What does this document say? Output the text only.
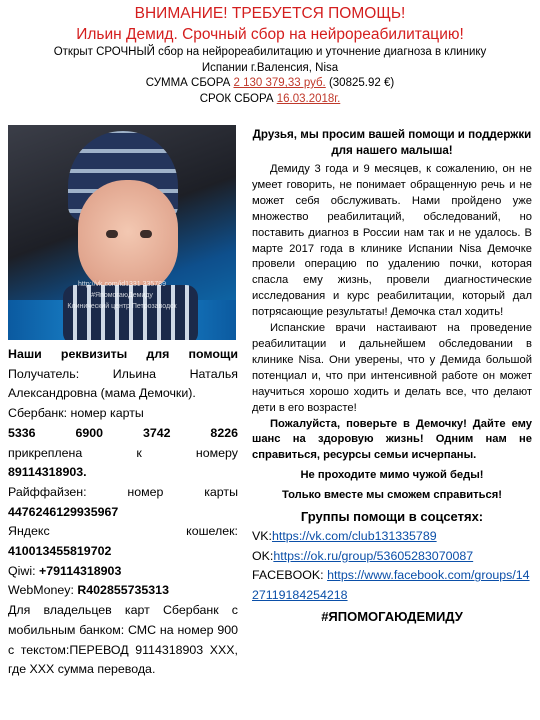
ВНИМАНИЕ! ТРЕБУЕТСЯ ПОМОЩЬ!
Ильин Демид. Срочный сбор на нейрореабилитацию!
Открыт СРОЧНЫЙ сбор на нейрореабилитацию и уточнение диагноза в клинику
Испании г.Валенсия, Nisa
СУММА СБОРА 2 130 379,33 руб. (30825.92 €)
СРОК СБОРА 16.03.2018г.
http://vk.com/id1331 335789
#ЯпомогаюДемиду
Клинический центр Петрозаводск

Наши реквизиты для помощи

Получатель: Ильина Наталья Александровна (мама Демочки).

Сбербанк: номер карты

5336 6900 3742 8226

прикреплена к номеру

89114318903.

Райффайзен: номер карты

4476246129935967

Яндекс кошелек:

410013455819702

Qiwi: +79114318903

WebMoney: R402855735313

Для владельцев карт Сбербанк с мобильным банком: СМС на номер 900 с текстом:ПЕРЕВОД 9114318903 XXX, где XXX сумма перевода.

Друзья, мы просим вашей помощи и поддержки для нашего малыша!

Демиду 3 года и 9 месяцев, к сожалению, он не умеет говорить, не понимает обращенную речь и не может себя обслуживать. Нами пройдено уже множество реабилитаций, обследований, но поставить диагноз в России нам так и не удалось. В марте 2017 года в клинике Испании Nisa Демочке провели операцию по удалению почки, которая спасла ему жизнь, провели диагностические исследования и курс реабилитации, который дал потрясающие результаты! Демочка стал ходить!

Испанские врачи настаивают на проведение реабилитации и дальнейшем обследовании в клинике Nisa. Они уверены, что у Демида большой потенциал и, что при интенсивной работе он может научиться хорошо ходить и делать все, что делают дети в его возрасте!

Пожалуйста, поверьте в Демочку! Дайте ему шанс на здоровую жизнь! Одним нам не справиться, ресурсы семьи исчерпаны.

Не проходите мимо чужой беды!

Только вместе мы сможем справиться!

Группы помощи в соцсетях:

VK:https://vk.com/club131335789

OK:https://ok.ru/group/53605283070087

FACEBOOK: https://www.facebook.com/groups/1427119184254218

#ЯПОМОГАЮДЕМИДУ
